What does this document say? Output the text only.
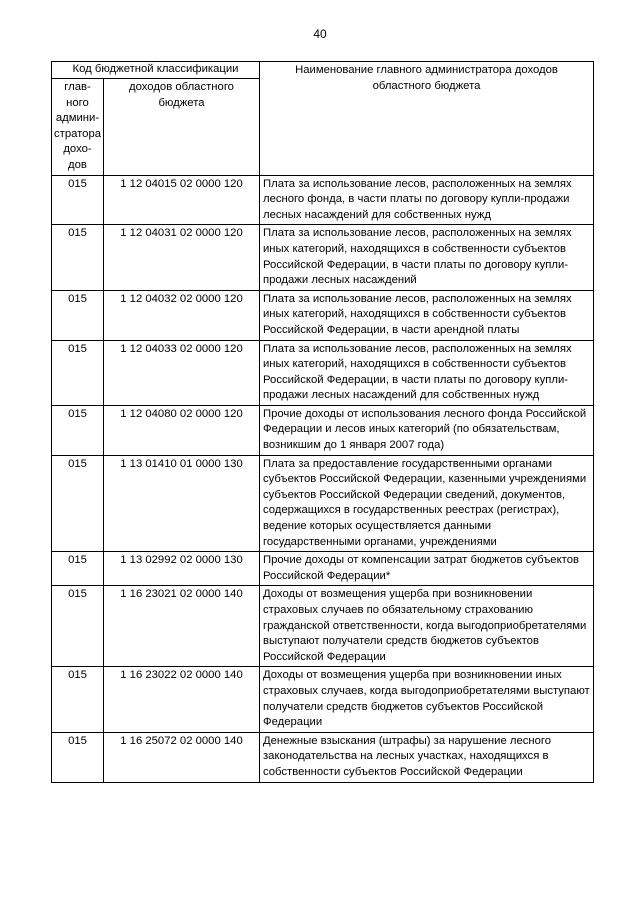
40
Код бюджетной классификации		Наименование главного администратора доходов областного бюджета
глав-ного админи-стратора дохо-дов	доходов областного бюджета	
015	1 12 04015 02 0000 120	Плата за использование лесов, расположенных на землях лесного фонда, в части платы по договору купли-продажи лесных насаждений для собственных нужд
015	1 12 04031 02 0000 120	Плата за использование лесов, расположенных на землях иных категорий, находящихся в собственности субъектов Российской Федерации, в части платы по договору купли-продажи лесных насаждений
015	1 12 04032 02 0000 120	Плата за использование лесов, расположенных на землях иных категорий, находящихся в собственности субъектов Российской Федерации, в части арендной платы
015	1 12 04033 02 0000 120	Плата за использование лесов, расположенных на землях иных категорий, находящихся в собственности субъектов Российской Федерации, в части платы по договору купли-продажи лесных насаждений для собственных нужд
015	1 12 04080 02 0000 120	Прочие доходы от использования лесного фонда Российской Федерации и лесов иных категорий (по обязательствам, возникшим до 1 января 2007 года)
015	1 13 01410 01 0000 130	Плата за предоставление государственными органами субъектов Российской Федерации, казенными учреждениями субъектов Российской Федерации сведений, документов, содержащихся в государственных реестрах (регистрах), ведение которых осуществляется данными государственными органами, учреждениями
015	1 13 02992 02 0000 130	Прочие доходы от компенсации затрат бюджетов субъектов Российской Федерации*
015	1 16 23021 02 0000 140	Доходы от возмещения ущерба при возникновении страховых случаев по обязательному страхованию гражданской ответственности, когда выгодоприобретателями выступают получатели средств бюджетов субъектов Российской Федерации
015	1 16 23022 02 0000 140	Доходы от возмещения ущерба при возникновении иных страховых случаев, когда выгодоприобретателями выступают получатели средств бюджетов субъектов Российской Федерации
015	1 16 25072 02 0000 140	Денежные взыскания (штрафы) за нарушение лесного законодательства на лесных участках, находящихся в собственности субъектов Российской Федерации
